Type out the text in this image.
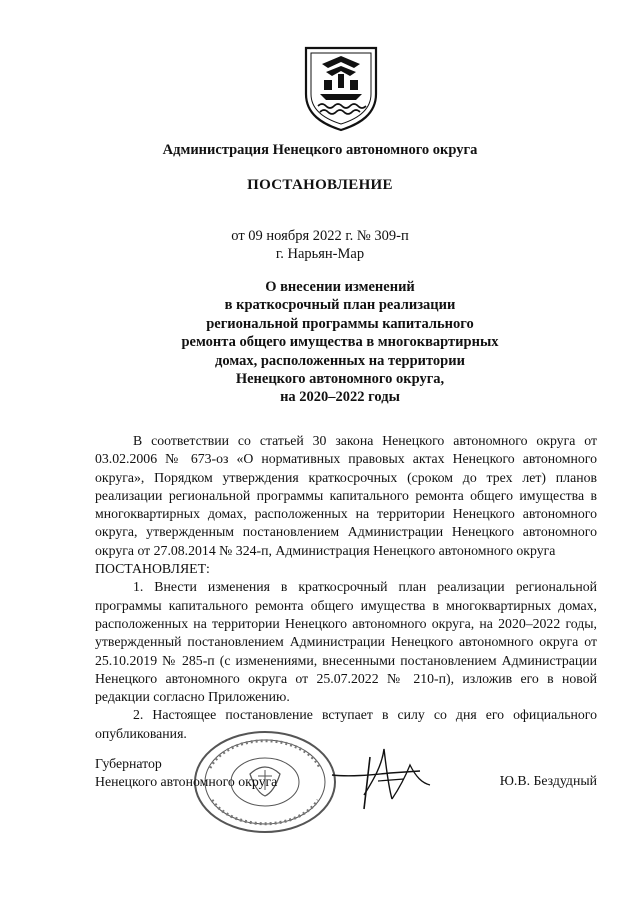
Администрация Ненецкого автономного округа
ПОСТАНОВЛЕНИЕ
от 09 ноября 2022 г. № 309-п
г. Нарьян-Мар
О внесении изменений
в краткосрочный план реализации
региональной программы капитального
ремонта общего имущества в многоквартирных
домах, расположенных на территории
Ненецкого автономного округа,
на 2020–2022 годы

В соответствии со статьей 30 закона Ненецкого автономного округа от 03.02.2006 № 673-оз «О нормативных правовых актах Ненецкого автономного округа», Порядком утверждения краткосрочных (сроком до трех лет) планов реализации региональной программы капитального ремонта общего имущества в многоквартирных домах, расположенных на территории Ненецкого автономного округа, утвержденным постановлением Администрации Ненецкого автономного округа от 27.08.2014 № 324-п, Администрация Ненецкого автономного округа

ПОСТАНОВЛЯЕТ:

1. Внести изменения в краткосрочный план реализации региональной программы капитального ремонта общего имущества в многоквартирных домах, расположенных на территории Ненецкого автономного округа, на 2020–2022 годы, утвержденный постановлением Администрации Ненецкого автономного округа от 25.10.2019 № 285-п (с изменениями, внесенными постановлением Администрации Ненецкого автономного округа от 25.07.2022 № 210-п), изложив его в новой редакции согласно Приложению.

2. Настоящее постановление вступает в силу со дня его официального опубликования.

Губернатор
Ненецкого автономного округа	Ю.В. Бездудный
